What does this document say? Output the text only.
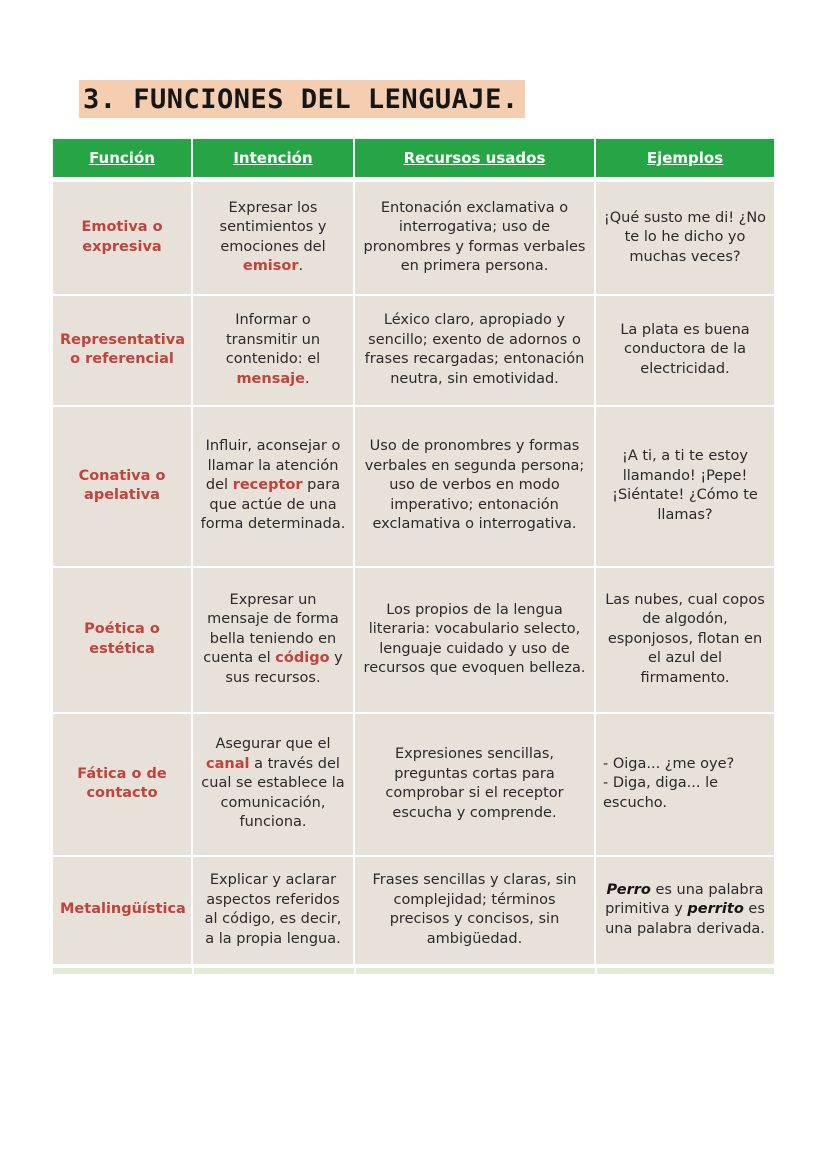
3. FUNCIONES DEL LENGUAJE.
Función	Intención	Recursos usados	Ejemplos
Emotiva o expresiva	Expresar los sentimientos y emociones del emisor.	Entonación exclamativa o interrogativa; uso de pronombres y formas verbales en primera persona.	¡Qué susto me di! ¿No te lo he dicho yo muchas veces?
Representativa o referencial	Informar o transmitir un contenido: el mensaje.	Léxico claro, apropiado y sencillo; exento de adornos o frases recargadas; entonación neutra, sin emotividad.	La plata es buena conductora de la electricidad.
Conativa o apelativa	Influir, aconsejar o llamar la atención del receptor para que actúe de una forma determinada.	Uso de pronombres y formas verbales en segunda persona; uso de verbos en modo imperativo; entonación exclamativa o interrogativa.	¡A ti, a ti te estoy llamando! ¡Pepe! ¡Siéntate! ¿Cómo te llamas?
Poética o estética	Expresar un mensaje de forma bella teniendo en cuenta el código y sus recursos.	Los propios de la lengua literaria: vocabulario selecto, lenguaje cuidado y uso de recursos que evoquen belleza.	Las nubes, cual copos de algodón, esponjosos, flotan en el azul del firmamento.
Fática o de contacto	Asegurar que el canal a través del cual se establece la comunicación, funciona.	Expresiones sencillas, preguntas cortas para comprobar si el receptor escucha y comprende.	- Oiga... ¿me oye?
- Diga, diga... le escucho.

Metalingüística	Explicar y aclarar aspectos referidos al código, es decir, a la propia lengua.	Frases sencillas y claras, sin complejidad; términos precisos y concisos, sin ambigüedad.	Perro es una palabra primitiva y perrito es una palabra derivada.
